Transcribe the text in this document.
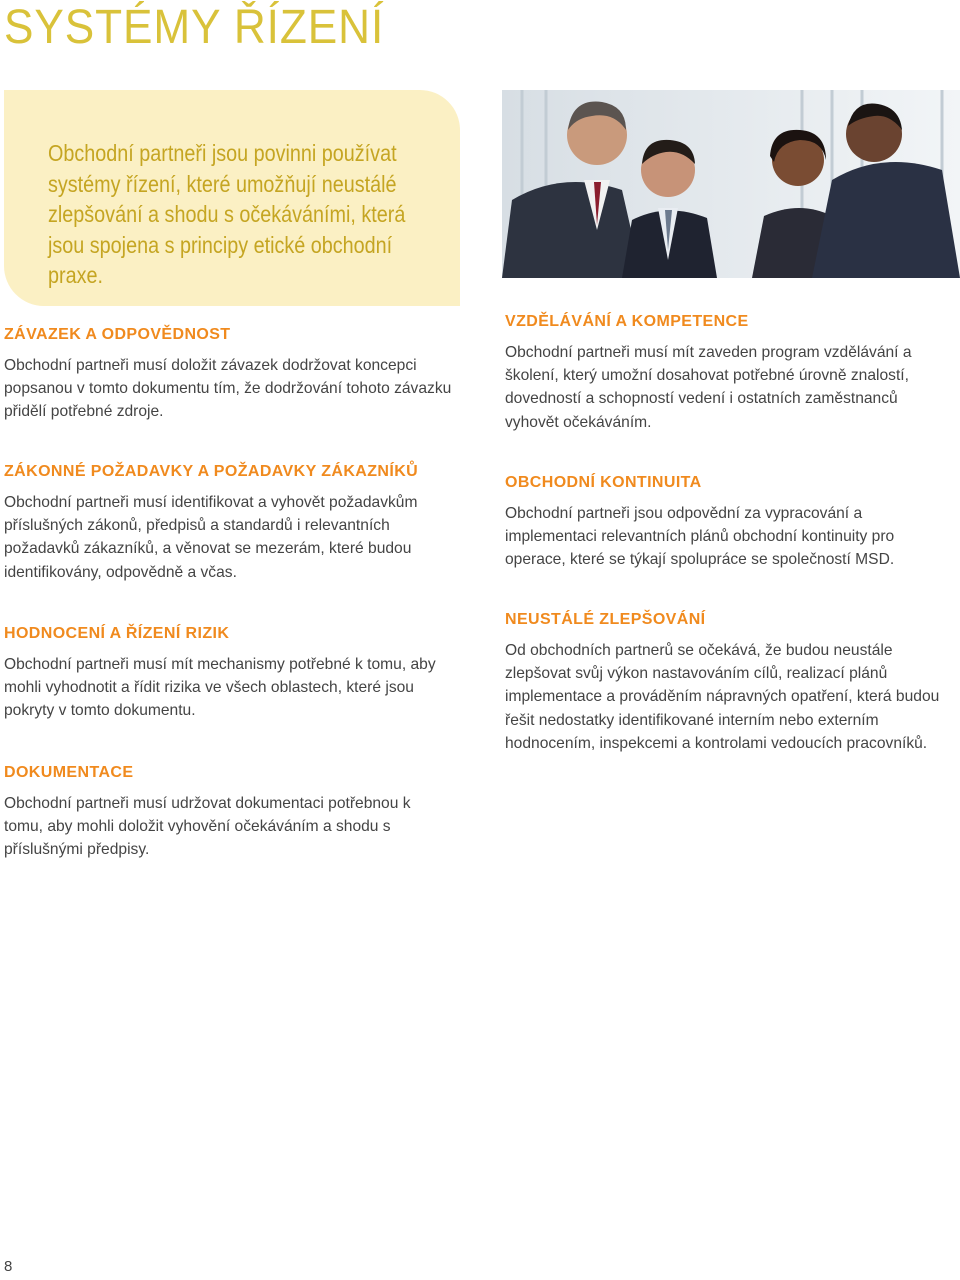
SYSTÉMY ŘÍZENÍ
Obchodní partneři jsou povinni používat systémy řízení, které umožňují neustálé zlepšování a shodu s očekáváními, která jsou spojena s principy etické obchodní praxe.
ZÁVAZEK A ODPOVĚDNOST

Obchodní partneři musí doložit závazek dodržovat koncepci popsanou v tomto dokumentu tím, že dodržování tohoto závazku přidělí potřebné zdroje.

ZÁKONNÉ POŽADAVKY A POŽADAVKY ZÁKAZNÍKŮ

Obchodní partneři musí identifikovat a vyhovět požadavkům příslušných zákonů, předpisů a standardů i relevantních požadavků zákazníků, a věnovat se mezerám, které budou identifikovány, odpovědně a včas.

HODNOCENÍ A ŘÍZENÍ RIZIK

Obchodní partneři musí mít mechanismy potřebné k tomu, aby mohli vyhodnotit a řídit rizika ve všech oblastech, které jsou pokryty v tomto dokumentu.

DOKUMENTACE

Obchodní partneři musí udržovat dokumentaci potřebnou k tomu, aby mohli doložit vyhovění očekáváním a shodu s příslušnými předpisy.

VZDĚLÁVÁNÍ A KOMPETENCE

Obchodní partneři musí mít zaveden program vzdělávání a školení, který umožní dosahovat potřebné úrovně znalostí, dovedností a schopností vedení i ostatních zaměstnanců vyhovět očekáváním.

OBCHODNÍ KONTINUITA

Obchodní partneři jsou odpovědní za vypracování a implementaci relevantních plánů obchodní kontinuity pro operace, které se týkají spolupráce se společností MSD.

NEUSTÁLÉ ZLEPŠOVÁNÍ

Od obchodních partnerů se očekává, že budou neustále zlepšovat svůj výkon nastavováním cílů, realizací plánů implementace a prováděním nápravných opatření, která budou řešit nedostatky identifikované interním nebo externím hodnocením, inspekcemi a kontrolami vedoucích pracovníků.

8
